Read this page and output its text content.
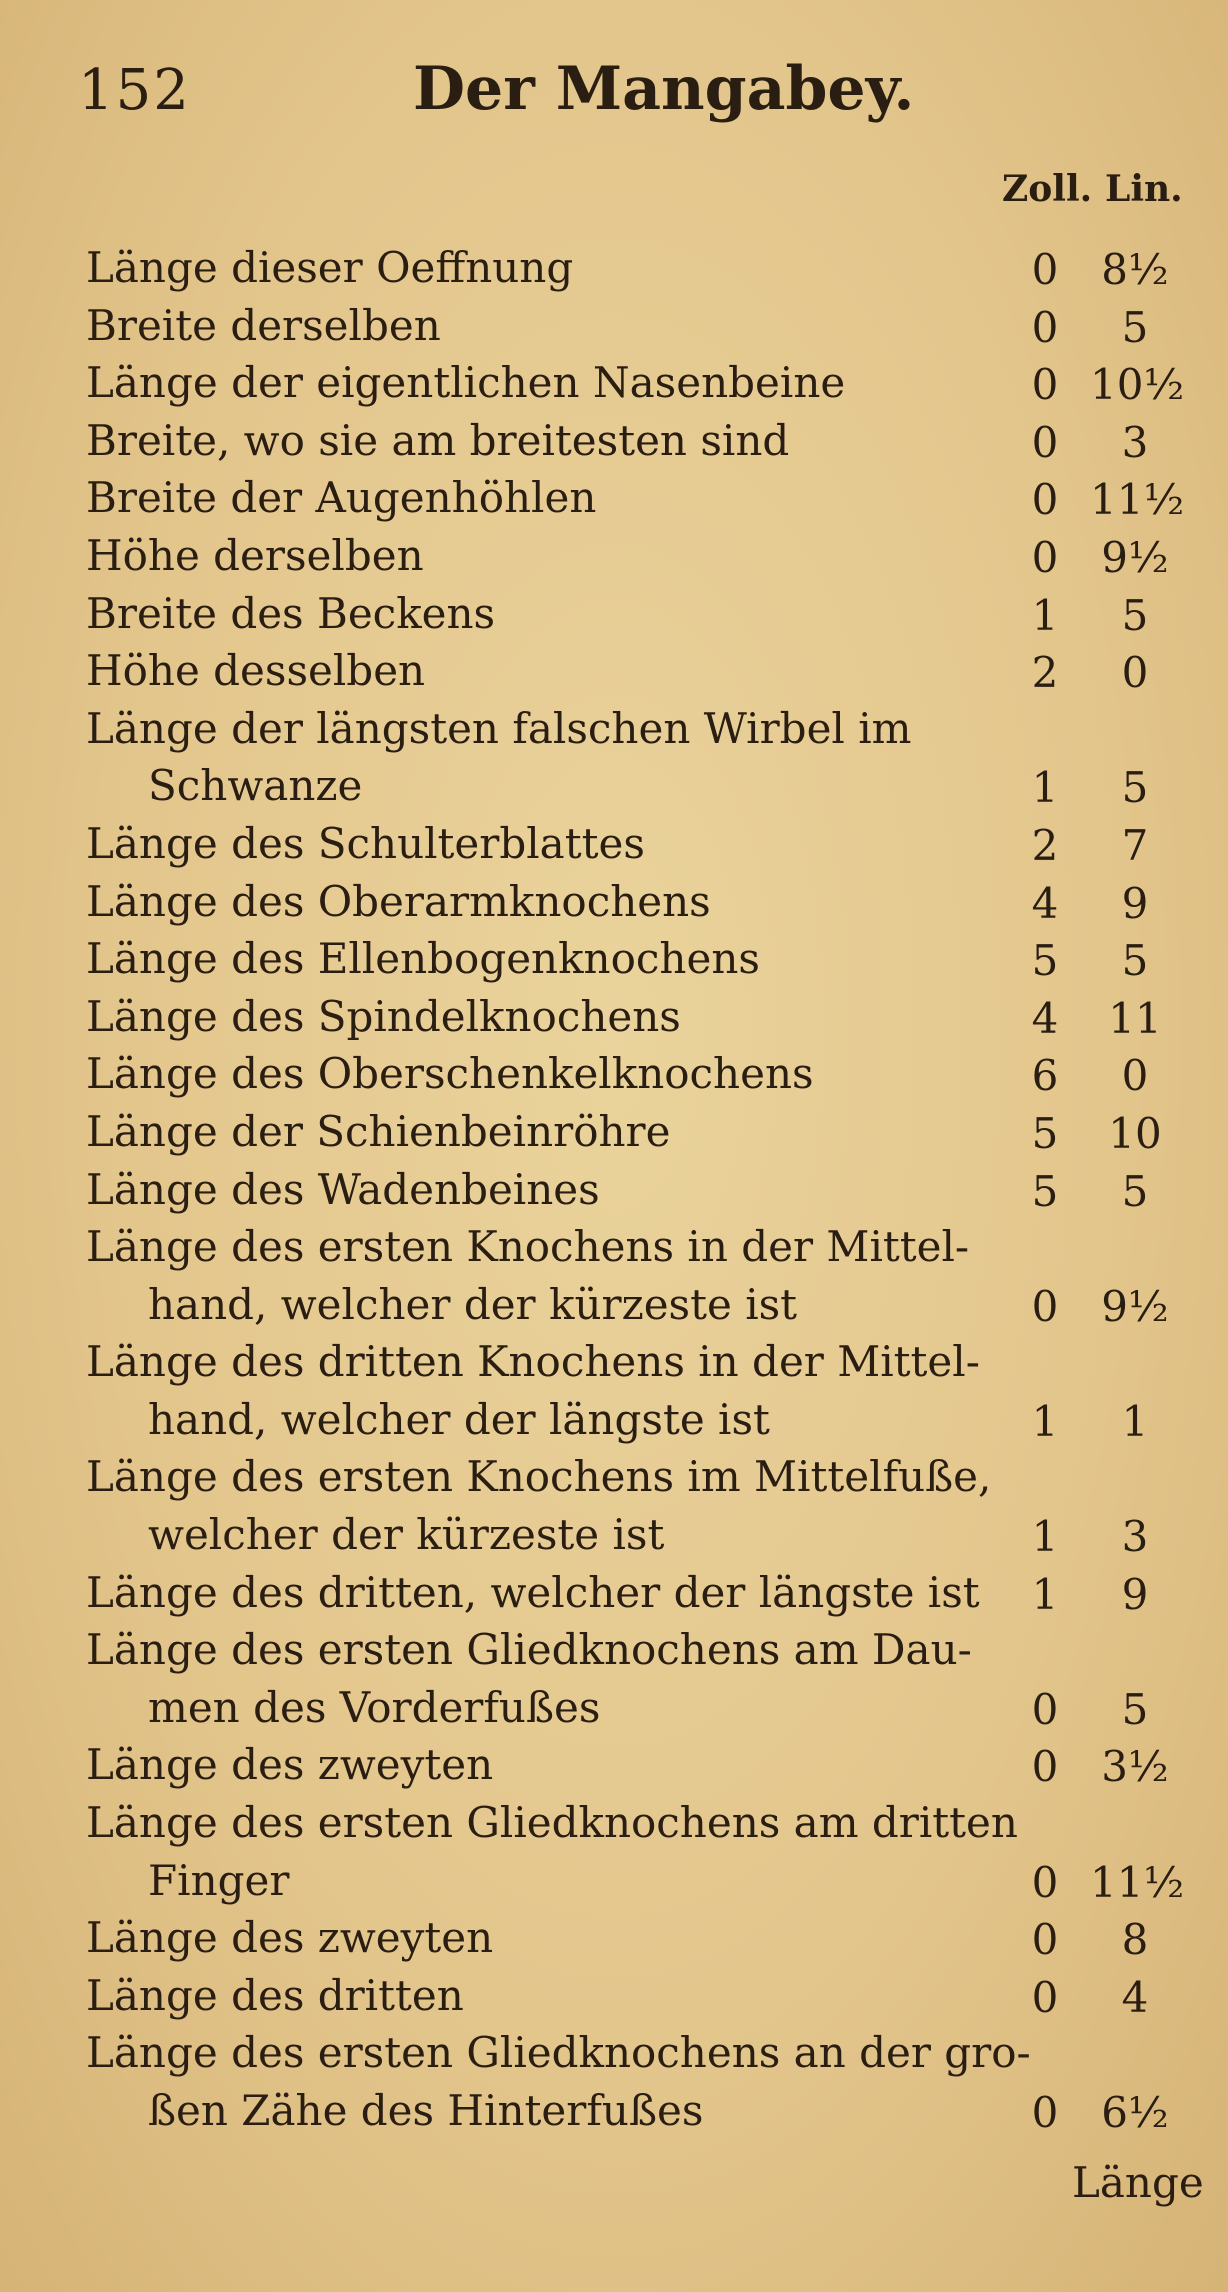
152	Der Mangabey.
Zoll. Lin.
Länge dieser Oeffnung	0 8½
Breite derselben	0	5
Länge der eigentlichen Nasenbeine	0 10½
Breite, wo sie am breitesten sind	0	3
Breite der Augenhöhlen	0 11½
Höhe derselben	0 9½
Breite des Beckens	1	5
Höhe desselben	2	0
Länge der längsten falschen Wirbel im
Schwanze	1	5
Länge des Schulterblattes	2	7
Länge des Oberarmknochens	4	9
Länge des Ellenbogenknochens	5	5
Länge des Spindelknochens	4	11
Länge des Oberschenkelknochens	6	0
Länge der Schienbeinröhre	5	10
Länge des Wadenbeines	5	5
Länge des ersten Knochens in der Mittel-
hand, welcher der kürzeste ist	0 9½
Länge des dritten Knochens in der Mittel-
hand, welcher der längste ist	1	1
Länge des ersten Knochens im Mittelfuße,
welcher der kürzeste ist	1	3
Länge des dritten, welcher der längste ist 1	9
Länge des ersten Gliedknochens am Dau-
men des Vorderfußes	0	5
Länge des zweyten	0 3½
Länge des ersten Gliedknochens am dritten
Finger	0 11½
Länge des zweyten	0	8
Länge des dritten	0	4
Länge des ersten Gliedknochens an der gro-
ßen Zähe des Hinterfußes	0 6½
Länge
